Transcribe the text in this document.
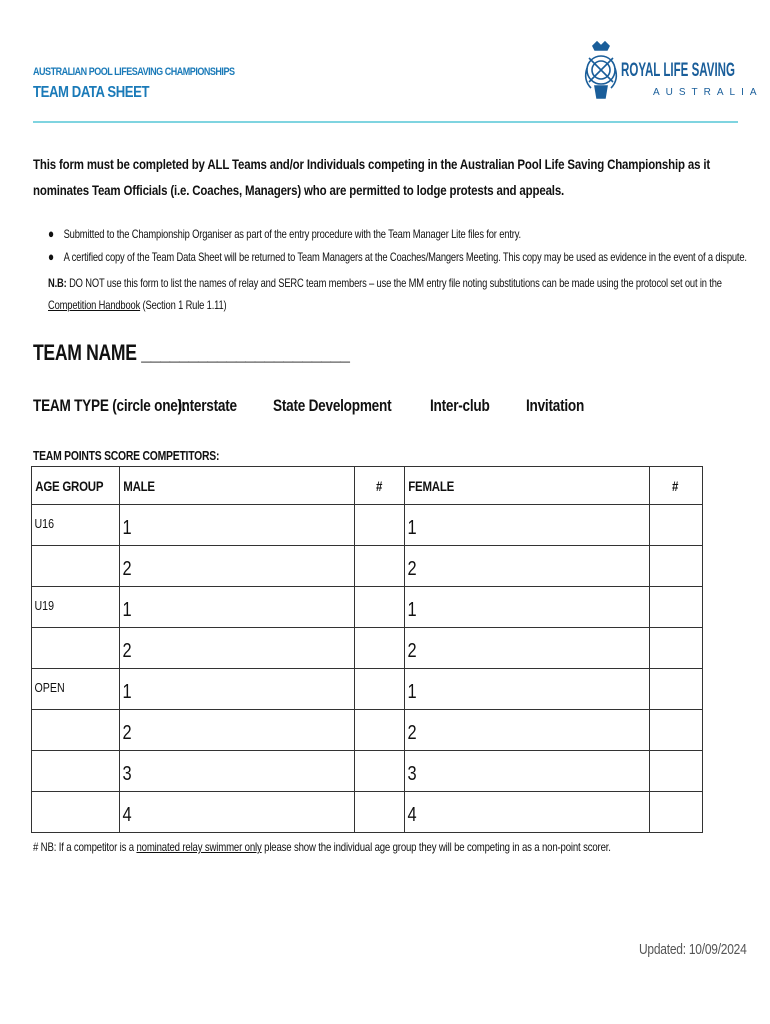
AUSTRALIAN POOL LIFESAVING CHAMPIONSHIPS
TEAM DATA SHEET
ROYAL LIFE SAVING
AUSTRALIA
This form must be completed by ALL Teams and/or Individuals competing in the Australian Pool Life Saving Championship as it nominates Team Officials (i.e. Coaches, Managers) who are permitted to lodge protests and appeals.
● Submitted to the Championship Organiser as part of the entry procedure with the Team Manager Lite files for entry.
● A certified copy of the Team Data Sheet will be returned to Team Managers at the Coaches/Mangers Meeting. This copy may be used as evidence in the event of a dispute.
N.B: DO NOT use this form to list the names of relay and SERC team members – use the MM entry file noting substitutions can be made using the protocol set out in the Competition Handbook (Section 1 Rule 1.11)
TEAM NAME ______________________
TEAM TYPE (circle one):
Interstate State Development Inter-club Invitation
TEAM POINTS SCORE COMPETITORS:
AGE GROUP	MALE	#	FEMALE	#
U16	1		1	
	2		2	
U19	1		1	
	2		2	
OPEN	1		1	
	2		2	
	3		3	
	4		4	
# NB: If a competitor is a nominated relay swimmer only please show the individual age group they will be competing in as a non-point scorer.
Updated: 10/09/2024
